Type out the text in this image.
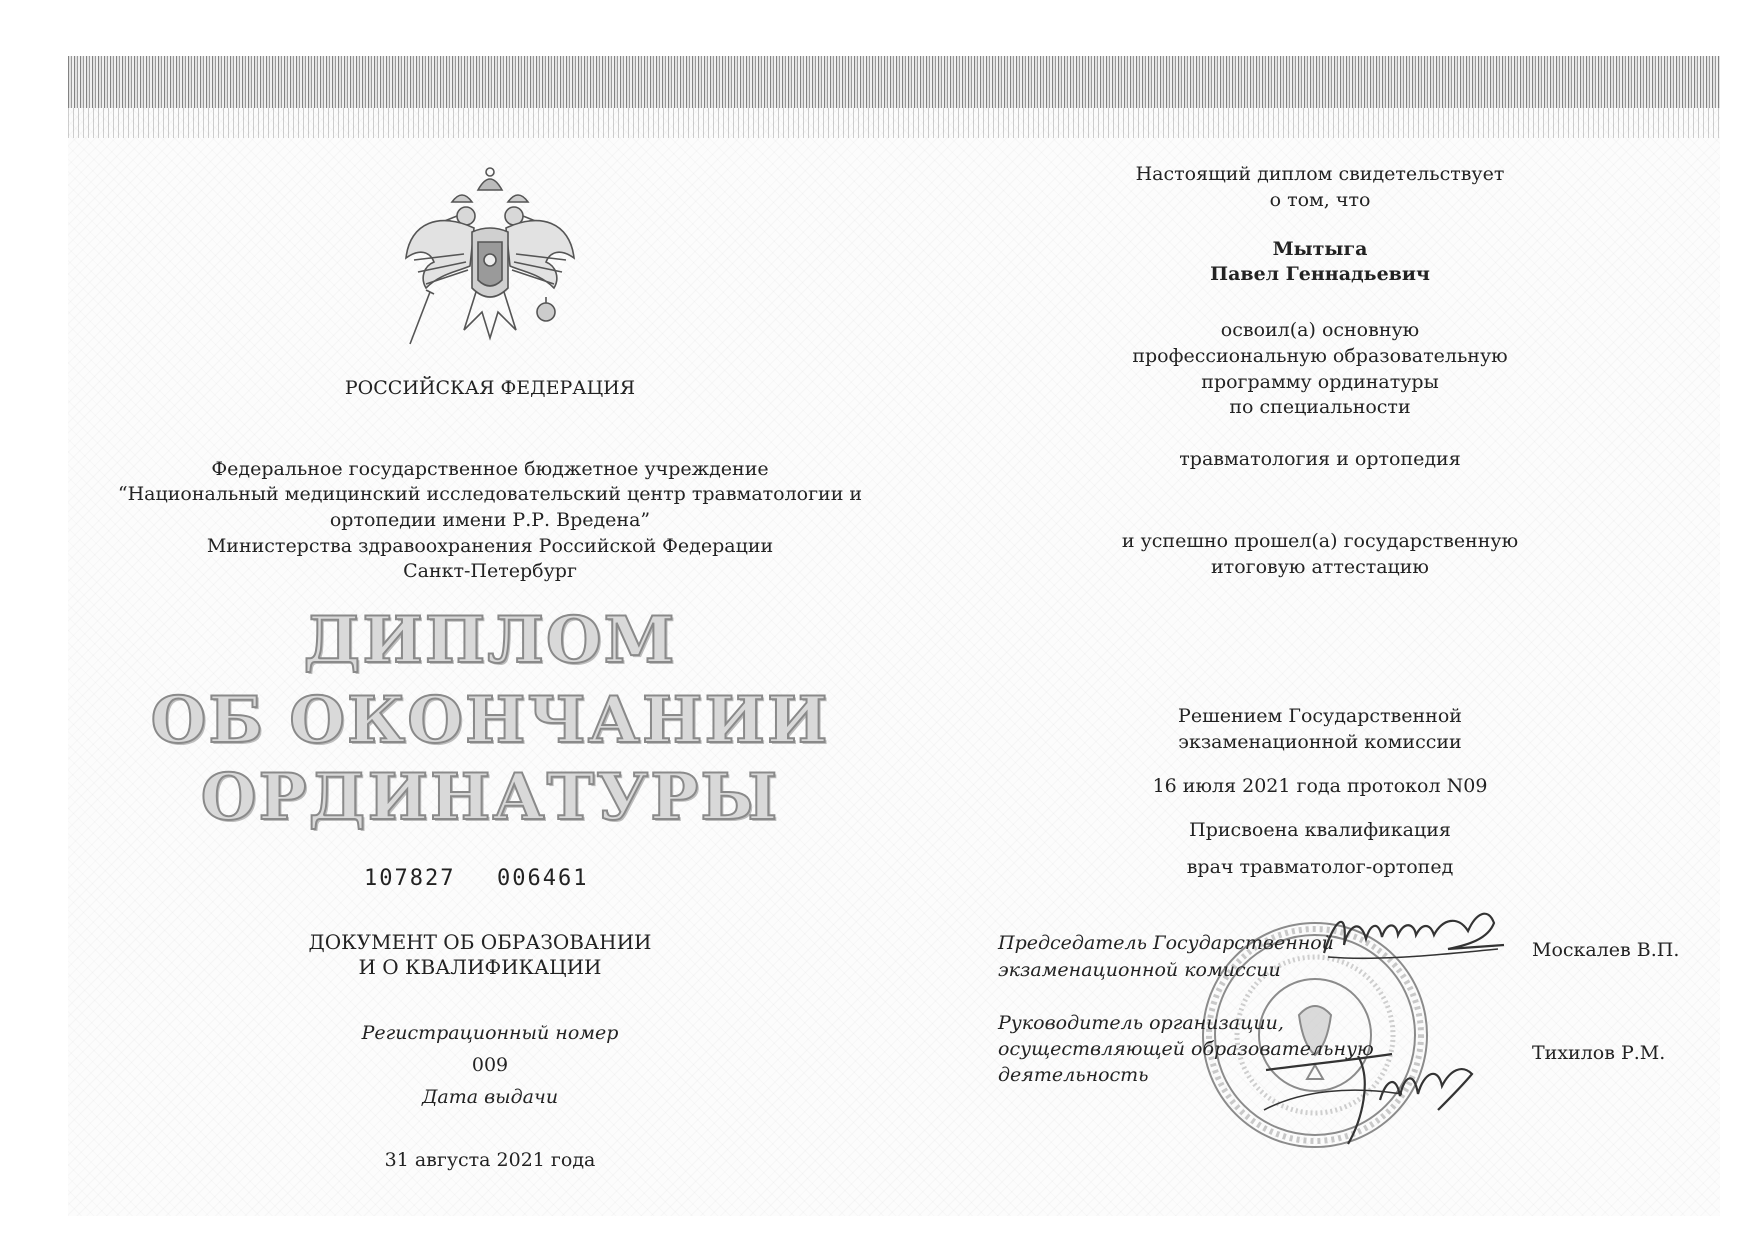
РОССИЙСКАЯ ФЕДЕРАЦИЯ
Федеральное государственное бюджетное учреждение
“Национальный медицинский исследовательский центр травматологии и
ортопедии имени Р.Р. Вредена”
Министерства здравоохранения Российской Федерации
Санкт-Петербург
ДИПЛОМ
ОБ ОКОНЧАНИИ
ОРДИНАТУРЫ
107827 006461
ДОКУМЕНТ ОБ ОБРАЗОВАНИИ
И О КВАЛИФИКАЦИИ
Регистрационный номер
009
Дата выдачи
31 августа 2021 года
Настоящий диплом свидетельствует
о том, что
Мытыга
Павел Геннадьевич
освоил(а) основную
профессиональную образовательную
программу ординатуры
по специальности
травматология и ортопедия
и успешно прошел(а) государственную
итоговую аттестацию
Решением Государственной
экзаменационной комиссии
16 июля 2021 года протокол N09
Присвоена квалификация
врач травматолог-ортопед
Председатель Государственной
экзаменационной комиссии
Москалев В.П.
Руководитель организации,
осуществляющей образовательную
деятельность
Тихилов Р.М.
